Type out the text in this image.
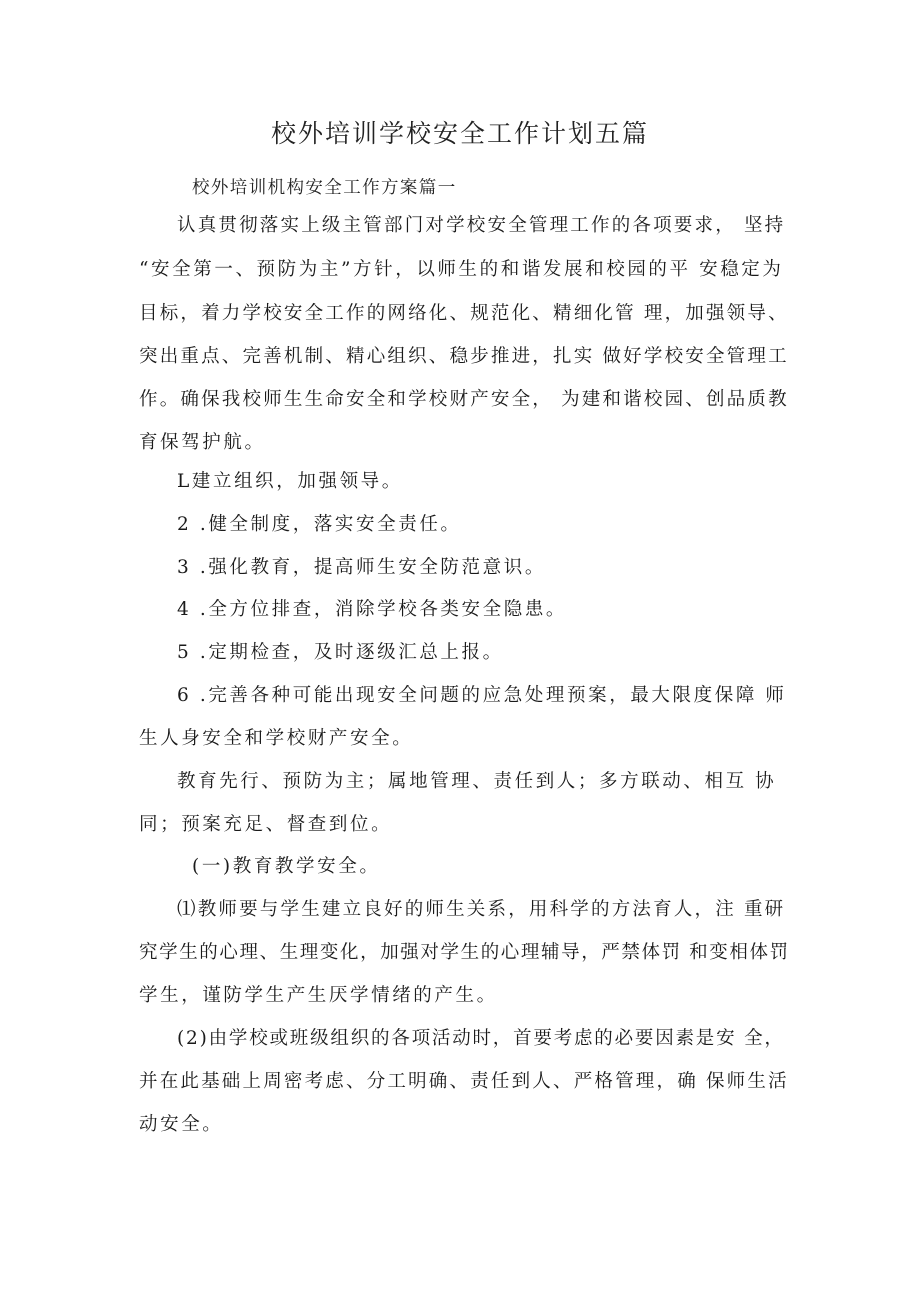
校外培训学校安全工作计划五篇
校外培训机构安全工作方案篇一
认真贯彻落实上级主管部门对学校安全管理工作的各项要求， 坚持
“安全第一、预防为主”方针，以师生的和谐发展和校园的平 安稳定为
目标，着力学校安全工作的网络化、规范化、精细化管 理，加强领导、
突出重点、完善机制、精心组织、稳步推进，扎实 做好学校安全管理工
作。确保我校师生生命安全和学校财产安全， 为建和谐校园、创品质教
育保驾护航。
L建立组织，加强领导。
2 .健全制度，落实安全责任。
3 .强化教育，提高师生安全防范意识。
4 .全方位排查，消除学校各类安全隐患。
5 .定期检查，及时逐级汇总上报。
6 .完善各种可能出现安全问题的应急处理预案，最大限度保障 师
生人身安全和学校财产安全。
教育先行、预防为主；属地管理、责任到人；多方联动、相互 协
同；预案充足、督查到位。
(一)教育教学安全。
⑴教师要与学生建立良好的师生关系，用科学的方法育人，注 重研
究学生的心理、生理变化，加强对学生的心理辅导，严禁体罚 和变相体罚
学生，谨防学生产生厌学情绪的产生。
(2)由学校或班级组织的各项活动时，首要考虑的必要因素是安 全，
并在此基础上周密考虑、分工明确、责任到人、严格管理，确 保师生活
动安全。
